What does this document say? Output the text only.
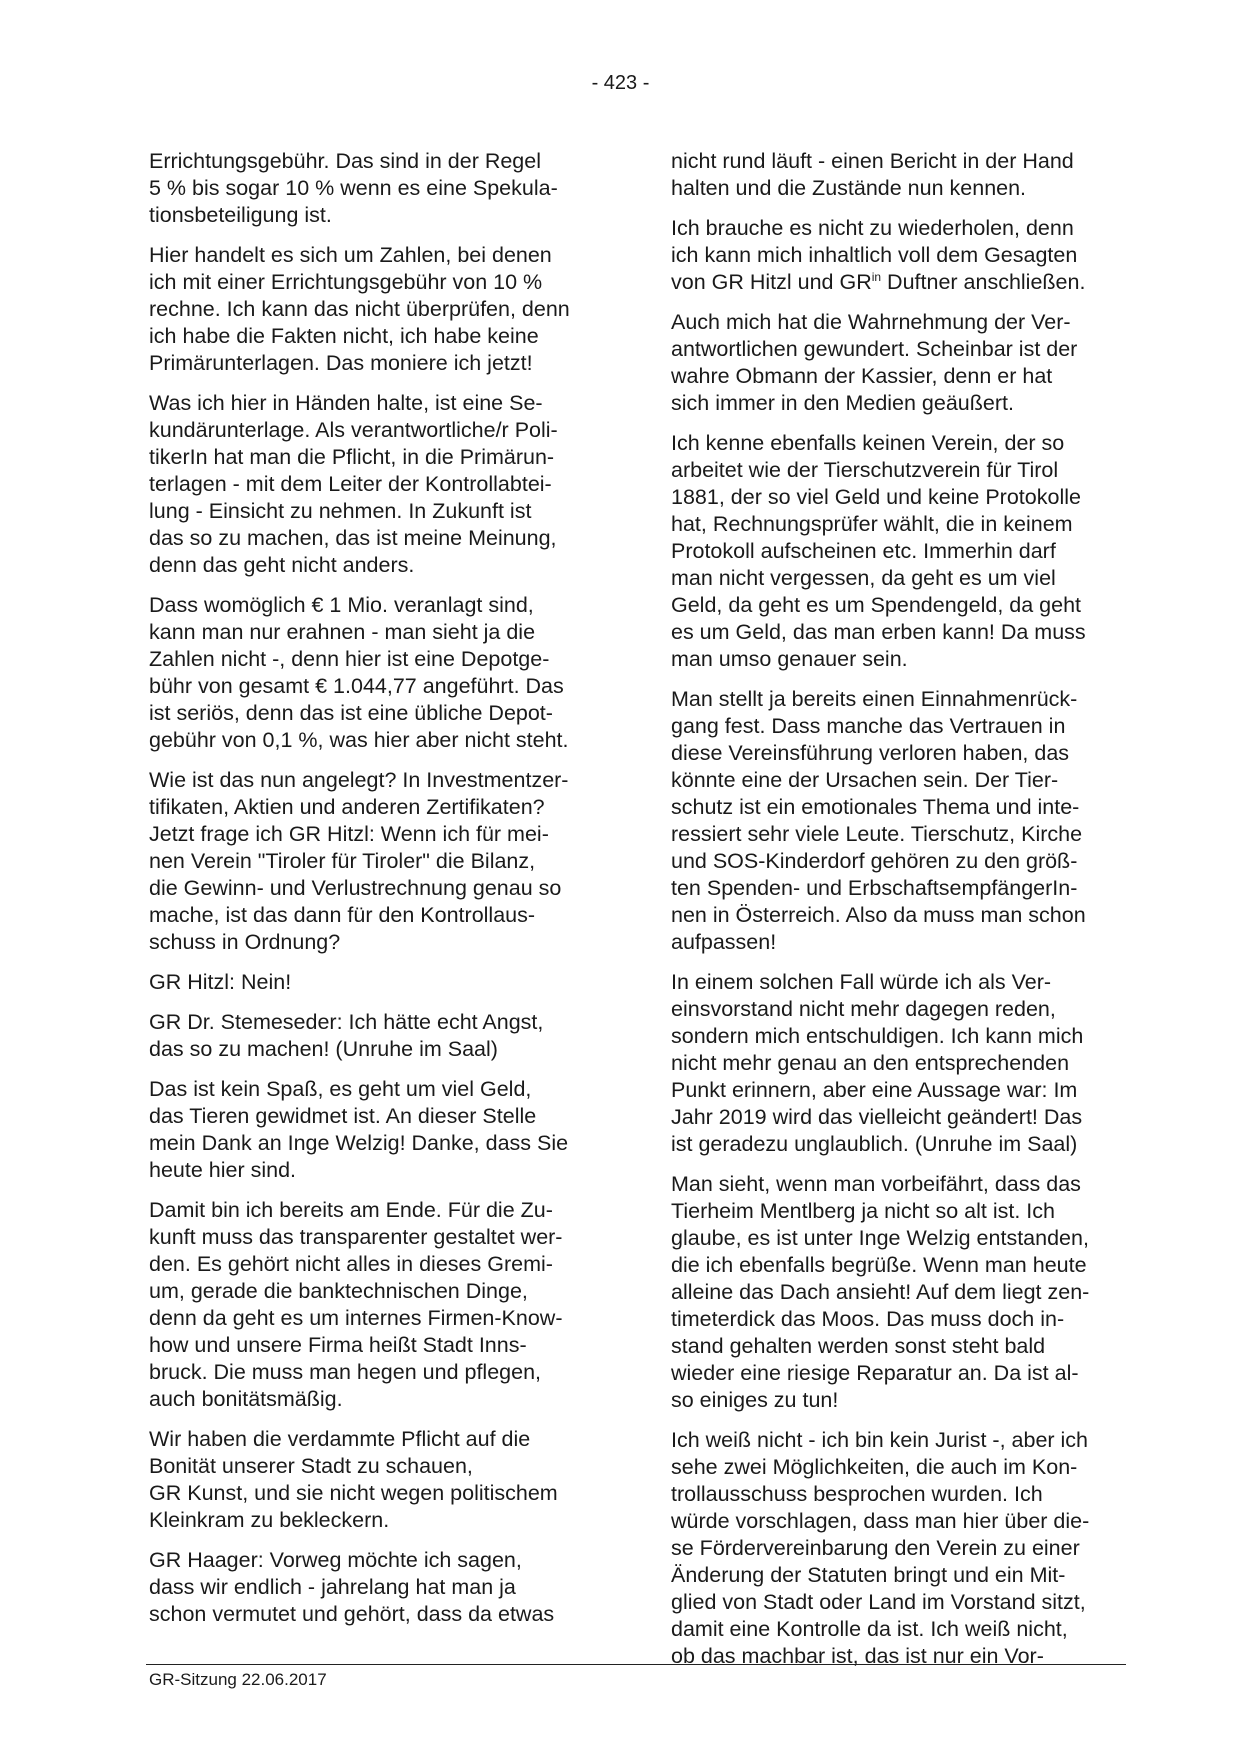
- 423 -

Errichtungsgebühr. Das sind in der Regel
5 % bis sogar 10 % wenn es eine Spekula-
tionsbeteiligung ist.

Hier handelt es sich um Zahlen, bei denen
ich mit einer Errichtungsgebühr von 10 %
rechne. Ich kann das nicht überprüfen, denn
ich habe die Fakten nicht, ich habe keine
Primärunterlagen. Das moniere ich jetzt!

Was ich hier in Händen halte, ist eine Se-
kundärunterlage. Als verantwortliche/r Poli-
tikerIn hat man die Pflicht, in die Primärun-
terlagen - mit dem Leiter der Kontrollabtei-
lung - Einsicht zu nehmen. In Zukunft ist
das so zu machen, das ist meine Meinung,
denn das geht nicht anders.

Dass womöglich € 1 Mio. veranlagt sind,
kann man nur erahnen - man sieht ja die
Zahlen nicht -, denn hier ist eine Depotge-
bühr von gesamt € 1.044,77 angeführt. Das
ist seriös, denn das ist eine übliche Depot-
gebühr von 0,1 %, was hier aber nicht steht.

Wie ist das nun angelegt? In Investmentzer-
tifikaten, Aktien und anderen Zertifikaten?
Jetzt frage ich GR Hitzl: Wenn ich für mei-
nen Verein "Tiroler für Tiroler" die Bilanz,
die Gewinn- und Verlustrechnung genau so
mache, ist das dann für den Kontrollaus-
schuss in Ordnung?

GR Hitzl: Nein!

GR Dr. Stemeseder: Ich hätte echt Angst,
das so zu machen! (Unruhe im Saal)

Das ist kein Spaß, es geht um viel Geld,
das Tieren gewidmet ist. An dieser Stelle
mein Dank an Inge Welzig! Danke, dass Sie
heute hier sind.

Damit bin ich bereits am Ende. Für die Zu-
kunft muss das transparenter gestaltet wer-
den. Es gehört nicht alles in dieses Gremi-
um, gerade die banktechnischen Dinge,
denn da geht es um internes Firmen-Know-
how und unsere Firma heißt Stadt Inns-
bruck. Die muss man hegen und pflegen,
auch bonitätsmäßig.

Wir haben die verdammte Pflicht auf die
Bonität unserer Stadt zu schauen,
GR Kunst, und sie nicht wegen politischem
Kleinkram zu bekleckern.

GR Haager: Vorweg möchte ich sagen,
dass wir endlich - jahrelang hat man ja
schon vermutet und gehört, dass da etwas

nicht rund läuft - einen Bericht in der Hand
halten und die Zustände nun kennen.

Ich brauche es nicht zu wiederholen, denn
ich kann mich inhaltlich voll dem Gesagten
von GR Hitzl und $GR^{in}$ Duftner anschließen.

Auch mich hat die Wahrnehmung der Ver-
antwortlichen gewundert. Scheinbar ist der
wahre Obmann der Kassier, denn er hat
sich immer in den Medien geäußert.

Ich kenne ebenfalls keinen Verein, der so
arbeitet wie der Tierschutzverein für Tirol
1881, der so viel Geld und keine Protokolle
hat, Rechnungsprüfer wählt, die in keinem
Protokoll aufscheinen etc. Immerhin darf
man nicht vergessen, da geht es um viel
Geld, da geht es um Spendengeld, da geht
es um Geld, das man erben kann! Da muss
man umso genauer sein.

Man stellt ja bereits einen Einnahmenrück-
gang fest. Dass manche das Vertrauen in
diese Vereinsführung verloren haben, das
könnte eine der Ursachen sein. Der Tier-
schutz ist ein emotionales Thema und inte-
ressiert sehr viele Leute. Tierschutz, Kirche
und SOS-Kinderdorf gehören zu den größ-
ten Spenden- und ErbschaftsempfängerIn-
nen in Österreich. Also da muss man schon
aufpassen!

In einem solchen Fall würde ich als Ver-
einsvorstand nicht mehr dagegen reden,
sondern mich entschuldigen. Ich kann mich
nicht mehr genau an den entsprechenden
Punkt erinnern, aber eine Aussage war: Im
Jahr 2019 wird das vielleicht geändert! Das
ist geradezu unglaublich. (Unruhe im Saal)

Man sieht, wenn man vorbeifährt, dass das
Tierheim Mentlberg ja nicht so alt ist. Ich
glaube, es ist unter Inge Welzig entstanden,
die ich ebenfalls begrüße. Wenn man heute
alleine das Dach ansieht! Auf dem liegt zen-
timeterdick das Moos. Das muss doch in-
stand gehalten werden sonst steht bald
wieder eine riesige Reparatur an. Da ist al-
so einiges zu tun!

Ich weiß nicht - ich bin kein Jurist -, aber ich
sehe zwei Möglichkeiten, die auch im Kon-
trollausschuss besprochen wurden. Ich
würde vorschlagen, dass man hier über die-
se Fördervereinbarung den Verein zu einer
Änderung der Statuten bringt und ein Mit-
glied von Stadt oder Land im Vorstand sitzt,
damit eine Kontrolle da ist. Ich weiß nicht,
ob das machbar ist, das ist nur ein Vor-

GR-Sitzung 22.06.2017
